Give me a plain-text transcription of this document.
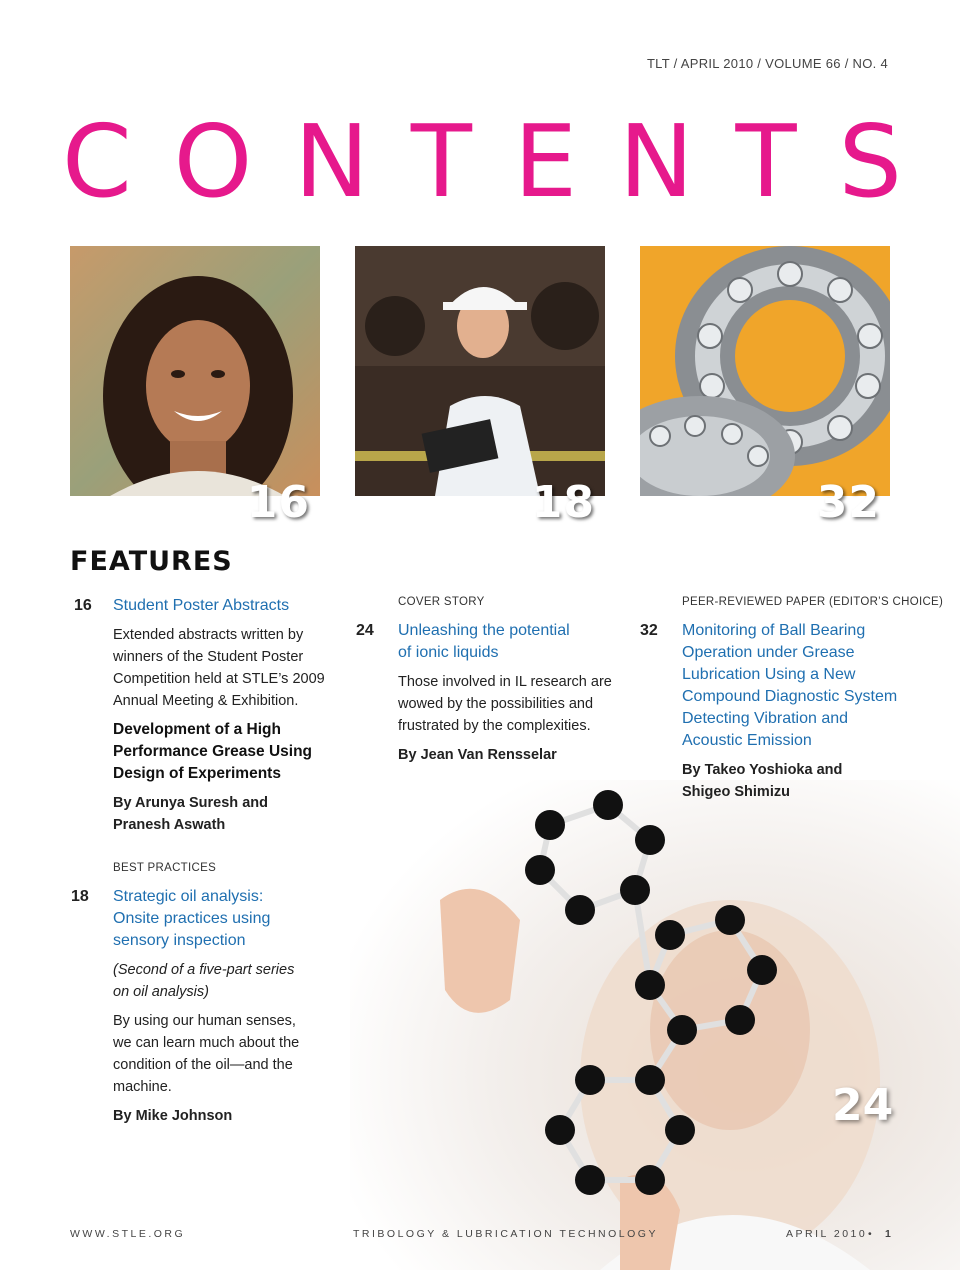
TLT / APRIL 2010 / VOLUME 66 / NO. 4
C O N T E N T S
16	18	32
24
FEATURES
16 Student Poster Abstracts
Extended abstracts written by
winners of the Student Poster
Competition held at STLE’s 2009
Annual Meeting & Exhibition.
Development of a High
Performance Grease Using
Design of Experiments
By Arunya Suresh and
Pranesh Aswath
BEST PRACTICES
18 Strategic oil analysis:
Onsite practices using
sensory inspection
(Second of a five-part series
on oil analysis)
By using our human senses,
we can learn much about the
condition of the oil—and the
machine.
By Mike Johnson
COVER STORY
24 Unleashing the potential
of ionic liquids
Those involved in IL research are
wowed by the possibilities and
frustrated by the complexities.
By Jean Van Rensselar
PEER-REVIEWED PAPER (EDITOR’S CHOICE)
32 Monitoring of Ball Bearing
Operation under Grease
Lubrication Using a New
Compound Diagnostic System
Detecting Vibration and
Acoustic Emission
By Takeo Yoshioka and
Shigeo Shimizu
WWW.STLE.ORG	TRIBOLOGY & LUBRICATION TECHNOLOGY	APRIL 2010 • 1
